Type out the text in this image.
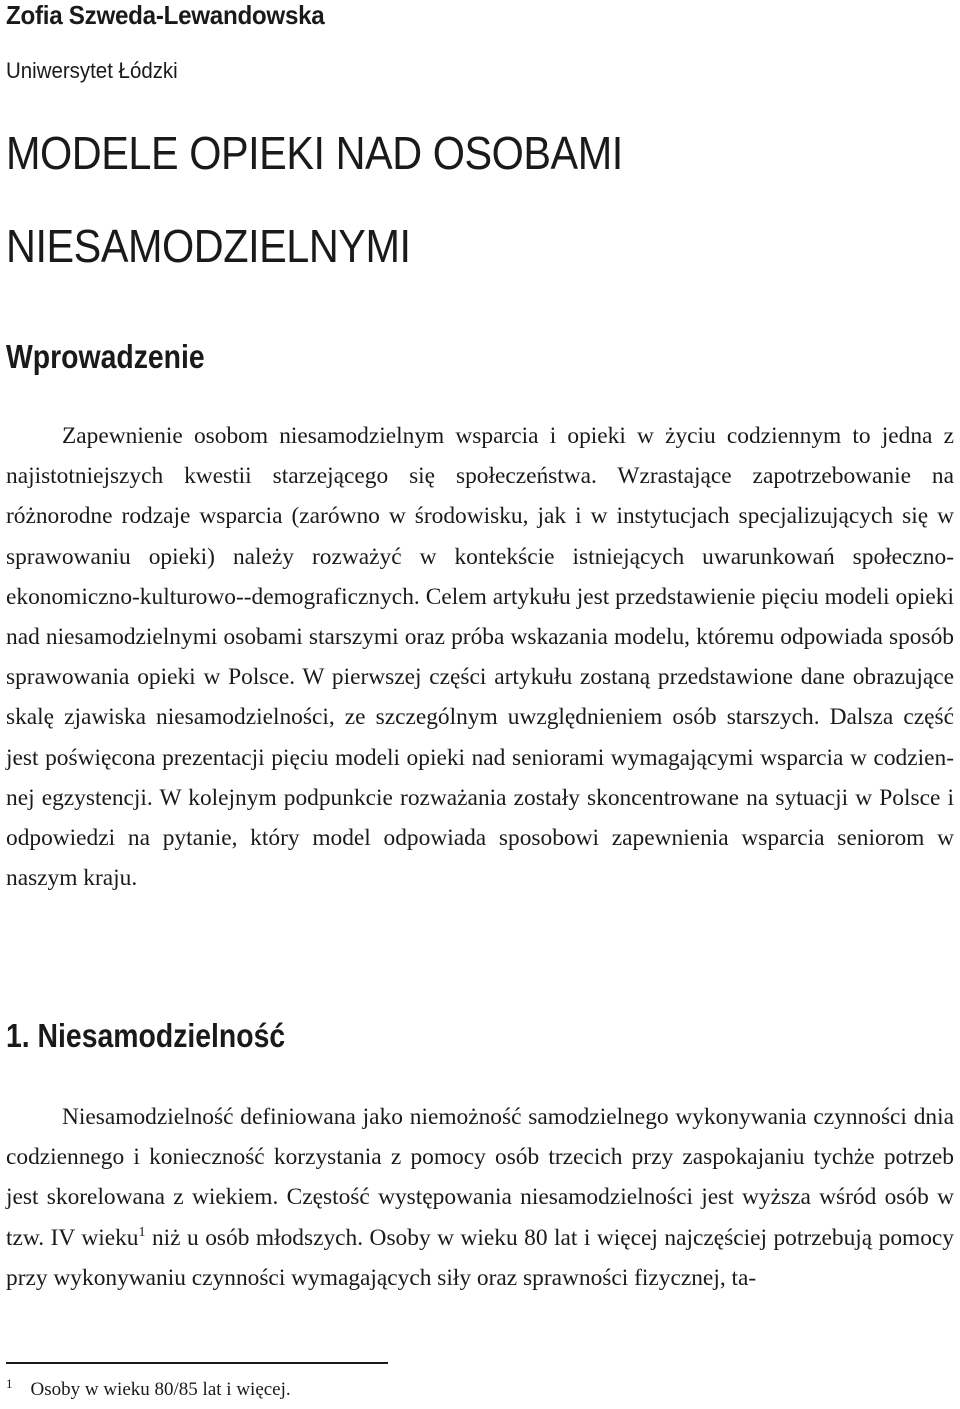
Zofia Szweda-Lewandowska
Uniwersytet Łódzki
MODELE OPIEKI NAD OSOBAMI
NIESAMODZIELNYMI
Wprowadzenie
Zapewnienie osobom niesamodzielnym wsparcia i opieki w życiu codziennym to jedna z najistotniejszych kwestii starzejącego się społeczeństwa. Wzrastające zapotrzebowanie na różnorodne rodzaje wsparcia (zarówno w środowisku, jak i w instytucjach specjalizujących się w sprawowaniu opieki) należy rozważyć w kontekście istniejących uwarunkowań społeczno-ekonomiczno-kulturowo--demograficznych. Celem artykułu jest przedstawienie pięciu modeli opieki nad niesamodzielnymi osobami starszymi oraz próba wskazania modelu, któremu odpowiada sposób sprawowania opieki w Polsce. W pierwszej części artykułu zostaną przedstawione dane obrazujące skalę zjawiska niesamodzielności, ze szczególnym uwzględnieniem osób starszych. Dalsza część jest poświęcona prezentacji pięciu modeli opieki nad seniorami wymagającymi wsparcia w codziennej egzystencji. W kolejnym podpunkcie rozważania zostały skoncentrowane na sytuacji w Polsce i odpowiedzi na pytanie, który model odpowiada sposobowi zapewnienia wsparcia seniorom w naszym kraju.
1. Niesamodzielność
Niesamodzielność definiowana jako niemożność samodzielnego wykonywania czynności dnia codziennego i konieczność korzystania z pomocy osób trzecich przy zaspokajaniu tychże potrzeb jest skorelowana z wiekiem. Częstość występowania niesamodzielności jest wyższa wśród osób w tzw. IV wieku$^1$ niż u osób młodszych. Osoby w wieku 80 lat i więcej najczęściej potrzebują pomocy przy wykonywaniu czynności wymagających siły oraz sprawności fizycznej, ta-
$^1$ Osoby w wieku 80/85 lat i więcej.
